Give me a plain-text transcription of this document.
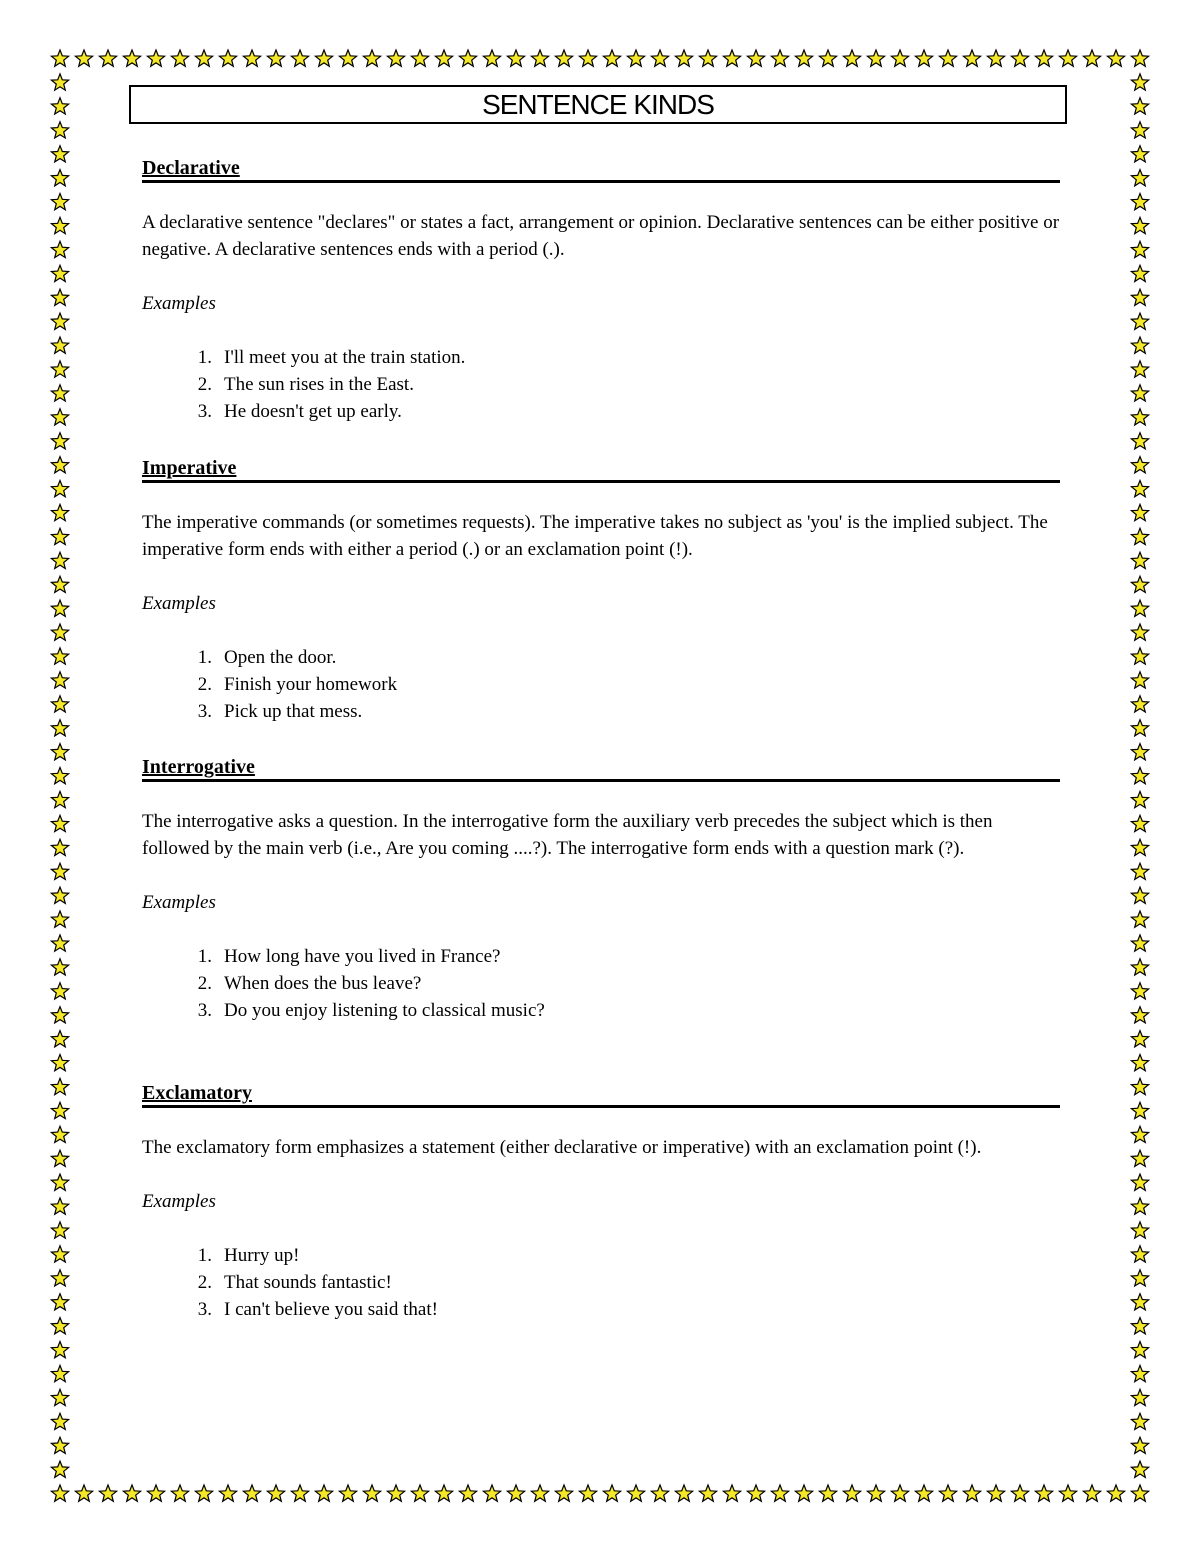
SENTENCE KINDS
Declarative
A declarative sentence "declares" or states a fact, arrangement or opinion. Declarative sentences can be either positive or negative. A declarative sentences ends with a period (.).
Examples
1. I'll meet you at the train station.
2. The sun rises in the East.
3. He doesn't get up early.
Imperative
The imperative commands (or sometimes requests). The imperative takes no subject as 'you' is the implied subject. The imperative form ends with either a period (.) or an exclamation point (!).
Examples
1. Open the door.
2. Finish your homework
3. Pick up that mess.
Interrogative
The interrogative asks a question. In the interrogative form the auxiliary verb precedes the subject which is then followed by the main verb (i.e., Are you coming ....?). The interrogative form ends with a question mark (?).
Examples
1. How long have you lived in France?
2. When does the bus leave?
3. Do you enjoy listening to classical music?
Exclamatory
The exclamatory form emphasizes a statement (either declarative or imperative) with an exclamation point (!).
Examples
1. Hurry up!
2. That sounds fantastic!
3. I can't believe you said that!
